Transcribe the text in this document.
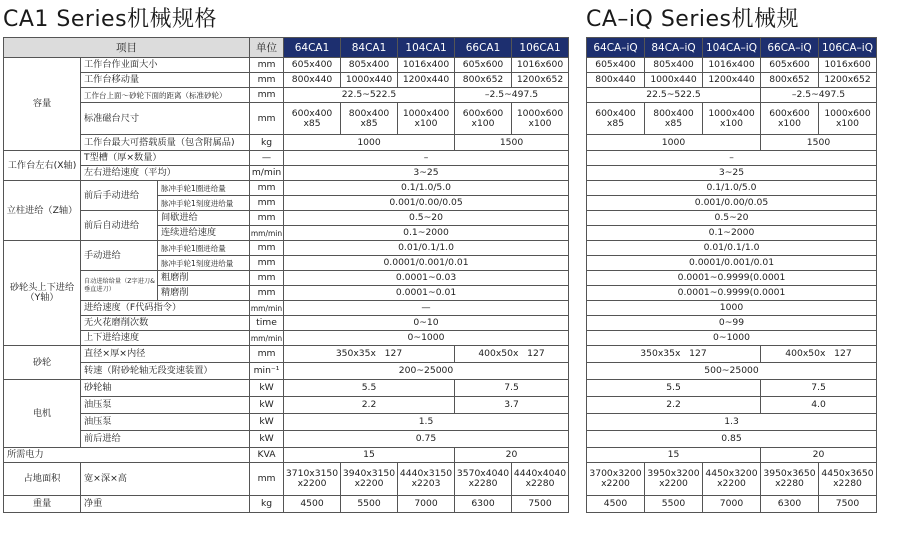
CA1 Series机械规格	CA–iQ Series机械规
项目			单位	64CA1	84CA1	104CA1	66CA1	106CA1
容量	工作台作业面大小		mm	605x400	805x400	1016x400	605x600	1016x600
	工作台移动量		mm	800x440	1000x440	1200x440	800x652	1200x652
	工作台上面～砂轮下面的距离（标准砂轮）		mm	22.5~522.5			–2.5~497.5	
	标准磁台尺寸		mm	600x400 x85	800x400 x85	1000x400 x100	600x600 x100	1000x600 x100
	工作台最大可搭载质量（包含附属品)		kg	1000			1500	
工作台左右(X轴)	T型槽（厚×数量）		—	–				
	左右进给速度（平均）		m/min	3~25				
立柱进给（Z轴）	前后手动进给	脉冲手轮1圈进给量	mm	0.1/1.0/5.0				
		脉冲手轮1刻度进给量	mm	0.001/0.00/0.05				
	前后自动进给	间歇进给	mm	0.5~20				
		连续进给速度	mm/min	0.1~2000				
砂轮头上下进给（Y轴）	手动进给	脉冲手轮1圈进给量	mm	0.01/0.1/1.0				
		脉冲手轮1刻度进给量	mm	0.0001/0.001/0.01				
	自动进给给量（Z字进刀&垂直进刀）	粗磨削	mm	0.0001~0.03				
		精磨削	mm	0.0001~0.01				
	进给速度（F代码指令）		mm/min	—				
	无火花磨削次数		time	0~10				
	上下进给速度		mm/min	0~1000				
砂轮	直径×厚×内径		mm	350x35x   127			400x50x   127	
	转速（附砂轮轴无段变速装置）		min⁻¹	200~25000				
电机	砂轮轴		kW	5.5			7.5	
	油压泵		kW	2.2			3.7	
	油压泵		kW	1.5				
	前后进给		kW	0.75				
所需电力			KVA	15			20	
占地面积	宽×深×高		mm	3710x3150 x2200	3940x3150 x2200	4440x3150 x2203	3570x4040 x2280	4440x4040 x2280
重量	净重		kg	4500	5500	7000	6300	7500
64CA–iQ	84CA–iQ	104CA–iQ	66CA–iQ	106CA–iQ
605x400	805x400	1016x400	605x600	1016x600
800x440	1000x440	1200x440	800x652	1200x652
22.5~522.5			–2.5~497.5	
600x400 x85	800x400 x85	1000x400 x100	600x600 x100	1000x600 x100
1000			1500	
–				
3~25				
0.1/1.0/5.0				
0.001/0.00/0.05				
0.5~20				
0.1~2000				
0.01/0.1/1.0				
0.0001/0.001/0.01				
0.0001~0.9999(0.0001				
0.0001~0.9999(0.0001				
1000				
0~99				
0~1000				
350x35x   127			400x50x   127	
500~25000				
5.5			7.5	
2.2			4.0	
1.3				
0.85				
15			20	
3700x3200 x2200	3950x3200 x2200	4450x3200 x2200	3950x3650 x2280	4450x3650 x2280
4500	5500	7000	6300	7500
